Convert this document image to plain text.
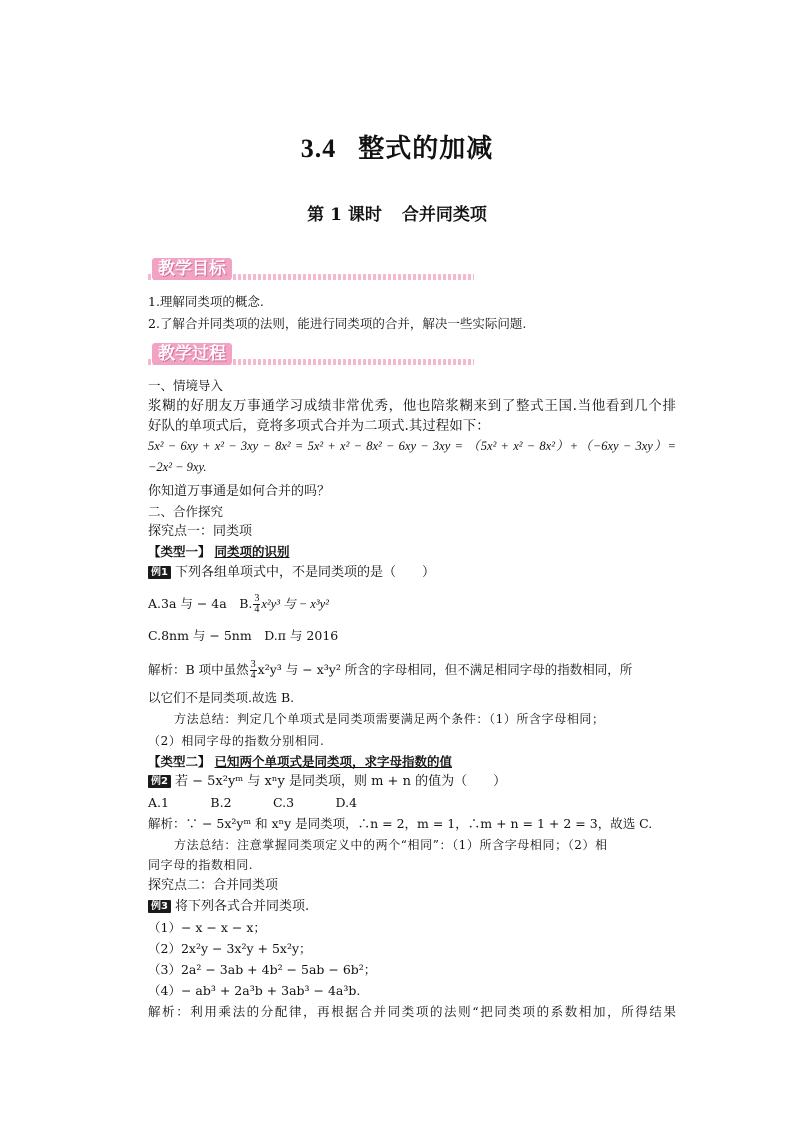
3.4 整式的加减
第 1 课时 合并同类项
教学目标
1.理解同类项的概念.
2.了解合并同类项的法则，能进行同类项的合并，解决一些实际问题.
教学过程
一、情境导入
浆糊的好朋友万事通学习成绩非常优秀，他也陪浆糊来到了整式王国.当他看到几个排
好队的单项式后，竟将多项式合并为二项式.其过程如下：
5x² − 6xy + x² − 3xy − 8x² = 5x² + x² − 8x² − 6xy − 3xy = （5x² + x² − 8x²）+（−6xy − 3xy）=
−2x² − 9xy.
你知道万事通是如何合并的吗？
二、合作探究
探究点一：同类项
【类型一】 同类项的识别
例1 下列各组单项式中，不是同类项的是（　　）
A.3a 与 − 4a　B. $\frac{3}{4} x^2y^3$ 与 − x³y²
C.8nm 与 − 5nm　D.π 与 2016
解析：B 项中虽然 $\frac{3}{4} x^2y^3$ 与 − x³y² 所含的字母相同，但不满足相同字母的指数相同，所
以它们不是同类项.故选 B.
方法总结：判定几个单项式是同类项需要满足两个条件：（1）所含字母相同；
（2）相同字母的指数分别相同.
【类型二】 已知两个单项式是同类项，求字母指数的值
例2 若 − 5x²yᵐ 与 xⁿy 是同类项，则 m + n 的值为（　　）
A.1　　　 B.2　　　 C.3　　　 D.4
解析：∵ − 5x²yᵐ 和 xⁿy 是同类项，∴n = 2，m = 1，∴m + n = 1 + 2 = 3，故选 C.
方法总结：注意掌握同类项定义中的两个“相同”：（1）所含字母相同；（2）相
同字母的指数相同.
探究点二：合并同类项
例3 将下列各式合并同类项.
（1）− x − x − x；
（2）2x²y − 3x²y + 5x²y；
（3）2a² − 3ab + 4b² − 5ab − 6b²；
（4）− ab³ + 2a³b + 3ab³ − 4a³b.
解析：利用乘法的分配律，再根据合并同类项的法则“把同类项的系数相加，所得结果
